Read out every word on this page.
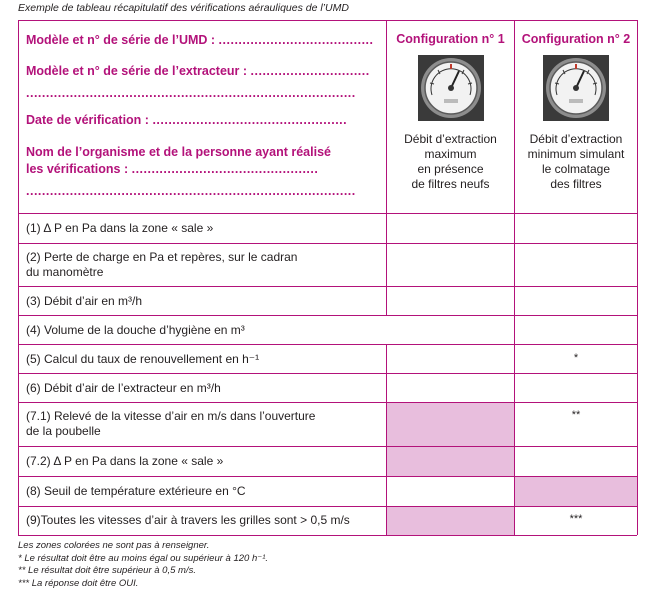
Exemple de tableau récapitulatif des vérifications aérauliques de l’UMD
Modèle et n° de série de l’UMD : .......................................
Modèle et n° de série de l’extracteur : ..............................
...................................................................................
Date de vérification : .................................................
Nom de l’organisme et de la personne ayant réalisé
les vérifications : ...............................................
...................................................................................
Configuration n° 1
Débit d’extraction
maximum
en présence
de filtres neufs
Configuration n° 2
Débit d’extraction
minimum simulant
le colmatage
des filtres
(1) Δ P en Pa dans la zone « sale »
(2) Perte de charge en Pa et repères, sur le cadran
du manomètre
(3) Débit d’air en m³/h
(4) Volume de la douche d’hygiène en m³
(5) Calcul du taux de renouvellement en h⁻¹
(6) Débit d’air de l’extracteur en m³/h
(7.1) Relevé de la vitesse d’air en m/s dans l’ouverture
de la poubelle
(7.2) Δ P en Pa dans la zone « sale »
(8) Seuil de température extérieure en °C
(9)Toutes les vitesses d’air à travers les grilles sont > 0,5 m/s
*
**
***
Les zones colorées ne sont pas à renseigner.
* Le résultat doit être au moins égal ou supérieur à 120 h⁻¹.
** Le résultat doit être supérieur à 0,5 m/s.
*** La réponse doit être OUI.
